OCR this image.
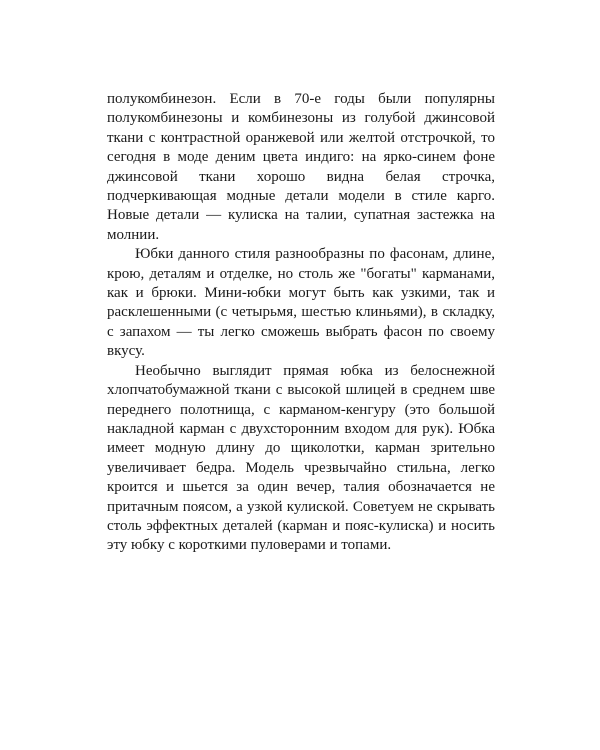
полукомбинезон. Если в 70-е годы были популярны полукомбинезоны и комбинезоны из голубой джинсовой ткани с контрастной оранжевой или желтой отстрочкой, то сегодня в моде деним цвета индиго: на ярко-синем фоне джинсовой ткани хорошо видна белая строчка, подчеркивающая модные детали модели в стиле карго. Новые детали — кулиска на талии, супатная застежка на молнии.

Юбки данного стиля разнообразны по фасонам, длине, крою, деталям и отделке, но столь же "богаты" карманами, как и брюки. Мини-юбки могут быть как узкими, так и расклешенными (с четырьмя, шестью клиньями), в складку, с запахом — ты легко сможешь выбрать фасон по своему вкусу.

Необычно выглядит прямая юбка из белоснежной хлопчатобумажной ткани с высокой шлицей в среднем шве переднего полотнища, с карманом-кенгуру (это большой накладной карман с двухсторонним входом для рук). Юбка имеет модную длину до щиколотки, карман зрительно увеличивает бедра. Модель чрезвычайно стильна, легко кроится и шьется за один вечер, талия обозначается не притачным поясом, а узкой кулиской. Советуем не скрывать столь эффектных деталей (карман и пояс-кулиска) и носить эту юбку с короткими пуловерами и топами.
